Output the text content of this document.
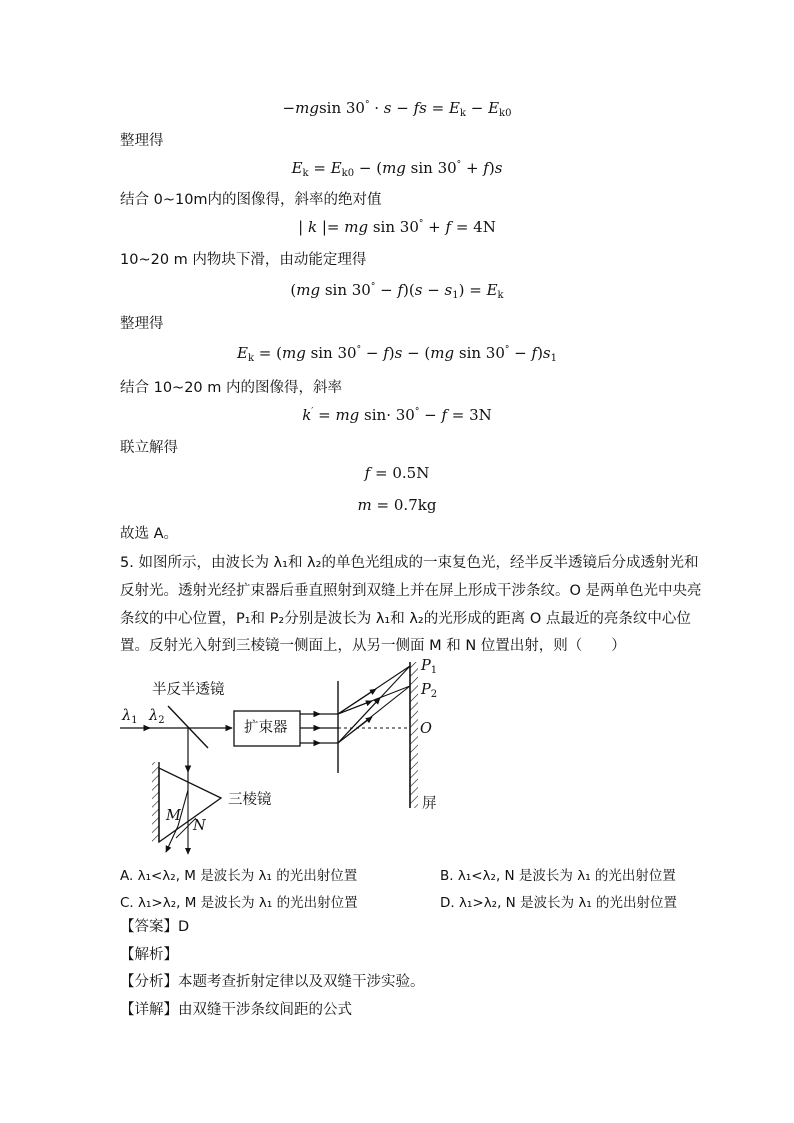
−mgsin 30° · s − fs = $E_k - E_{k0}$
整理得
$E_k = E_{k0} - (mg$ sin 30° + f)s
结合 0~10m内的图像得，斜率的绝对值
| k |= mg sin 30° + f = 4N
10~20 m 内物块下滑，由动能定理得
(mg $\sin 30^\circ - f)(s - s_1) = E_k$
整理得
$E_k = (mg$ sin 30° − f)s − (mg $\sin 30^\circ - f)s_1$
结合 10~20 m 内的图像得，斜率
k′ = mg sin· 30° − f = 3N
联立解得
f = 0.5N
m = 0.7kg
故选 A。
5. 如图所示，由波长为 λ₁和 λ₂的单色光组成的一束复色光，经半反半透镜后分成透射光和
反射光。透射光经扩束器后垂直照射到双缝上并在屏上形成干涉条纹。O 是两单色光中央亮
条纹的中心位置，P₁和 P₂分别是波长为 λ₁和 λ₂的光形成的距离 O 点最近的亮条纹中心位
置。反射光入射到三棱镜一侧面上，从另一侧面 M 和 N 位置出射，则（　　）
半反半透镜
$\lambda_1$ $\lambda_2$	扩束器
$P_1$
$P_2$
O
三棱镜	屏
M
N
A. λ₁<λ₂, M 是波长为 λ₁ 的光出射位置	B. λ₁<λ₂, N 是波长为 λ₁ 的光出射位置
C. λ₁>λ₂, M 是波长为 λ₁ 的光出射位置	D. λ₁>λ₂, N 是波长为 λ₁ 的光出射位置
【答案】D
【解析】
【分析】本题考查折射定律以及双缝干涉实验。
【详解】由双缝干涉条纹间距的公式
